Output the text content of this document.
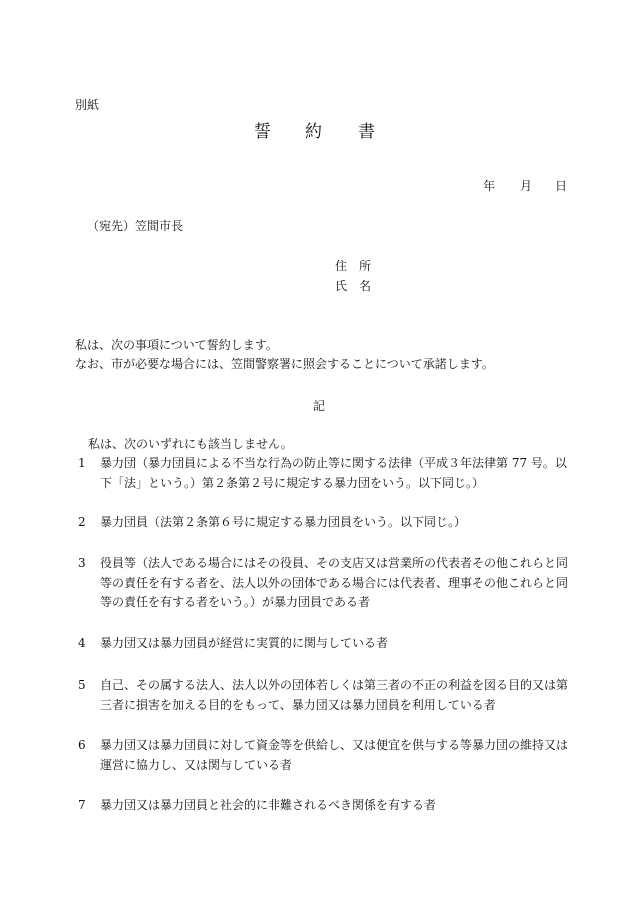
別紙
誓 約 書
年 月 日
（宛先）笠間市長
住　所
氏　名
私は、次の事項について誓約します。
なお、市が必要な場合には、笠間警察署に照会することについて承諾します。
記
私は、次のいずれにも該当しません。
1 暴力団（暴力団員による不当な行為の防止等に関する法律（平成３年法律第 77 号。以下「法」という。）第２条第２号に規定する暴力団をいう。以下同じ。）
2 暴力団員（法第２条第６号に規定する暴力団員をいう。以下同じ。）
3 役員等（法人である場合にはその役員、その支店又は営業所の代表者その他これらと同等の責任を有する者を、法人以外の団体である場合には代表者、理事その他これらと同等の責任を有する者をいう。）が暴力団員である者
4 暴力団又は暴力団員が経営に実質的に関与している者
5 自己、その属する法人、法人以外の団体若しくは第三者の不正の利益を図る目的又は第三者に損害を加える目的をもって、暴力団又は暴力団員を利用している者
6 暴力団又は暴力団員に対して資金等を供給し、又は便宜を供与する等暴力団の維持又は運営に協力し、又は関与している者
7 暴力団又は暴力団員と社会的に非難されるべき関係を有する者
